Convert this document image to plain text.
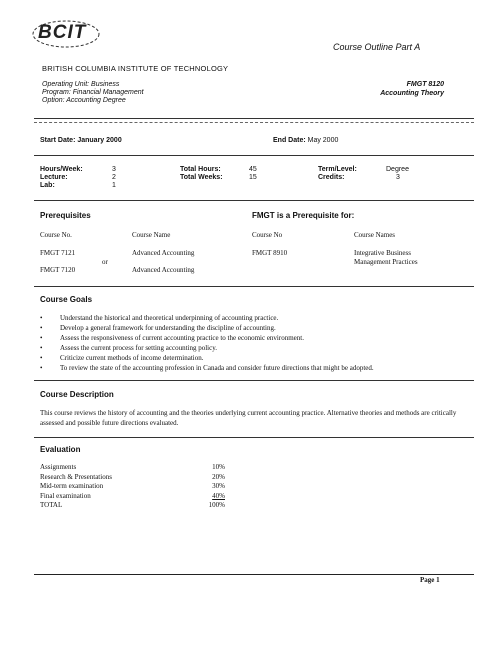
BCIT
Course Outline Part A
BRITISH COLUMBIA INSTITUTE OF TECHNOLOGY
Operating Unit: Business
Program: Financial Management
Option: Accounting Degree
FMGT 8120
Accounting Theory
Start Date: January 2000	End Date: May 2000
Hours/Week:	3
Lecture:	2
Lab:	1
Total Hours:	45
Total Weeks:	15
Term/Level:	Degree
Credits:	3
Prerequisites	FMGT is a Prerequisite for:
Course No.	Course Name	Course No	Course Names
FMGT 7121	Advanced Accounting
or
FMGT 7120	Advanced Accounting
FMGT 8910	Integrative Business
Management Practices
Course Goals
• Understand the historical and theoretical underpinning of accounting practice.
• Develop a general framework for understanding the discipline of accounting.
• Assess the responsiveness of current accounting practice to the economic environment.
• Assess the current process for setting accounting policy.
• Criticize current methods of income determination.
• To review the state of the accounting profession in Canada and consider future directions that might be adopted.
Course Description
This course reviews the history of accounting and the theories underlying current accounting practice. Alternative theories and methods are critically assessed and possible future directions evaluated.
Evaluation
Assignments	10%
Research & Presentations	20%
Mid-term examination	30%
Final examination	40%
TOTAL	100%
Page 1
